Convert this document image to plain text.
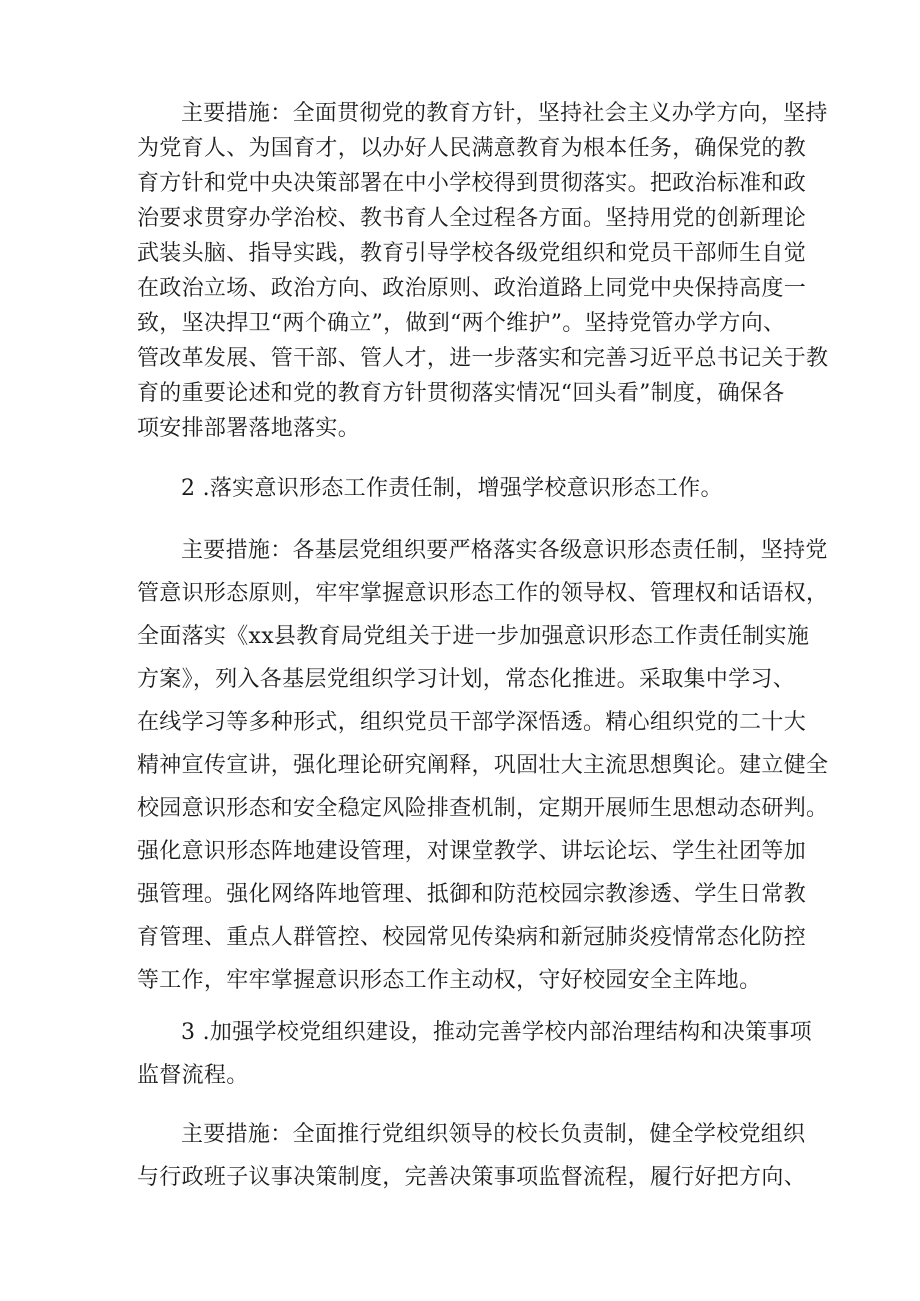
主要措施：全面贯彻党的教育方针，坚持社会主义办学方向，坚持
为党育人、为国育才，以办好人民满意教育为根本任务，确保党的教
育方针和党中央决策部署在中小学校得到贯彻落实。把政治标准和政
治要求贯穿办学治校、教书育人全过程各方面。坚持用党的创新理论
武装头脑、指导实践，教育引导学校各级党组织和党员干部师生自觉
在政治立场、政治方向、政治原则、政治道路上同党中央保持高度一
致，坚决捍卫“两个确立”，做到“两个维护”。坚持党管办学方向、
管改革发展、管干部、管人才，进一步落实和完善习近平总书记关于教
育的重要论述和党的教育方针贯彻落实情况“回头看”制度，确保各
项安排部署落地落实。
2 .落实意识形态工作责任制，增强学校意识形态工作。
主要措施：各基层党组织要严格落实各级意识形态责任制，坚持党
管意识形态原则，牢牢掌握意识形态工作的领导权、管理权和话语权，
全面落实《xx县教育局党组关于进一步加强意识形态工作责任制实施
方案》，列入各基层党组织学习计划，常态化推进。采取集中学习、
在线学习等多种形式，组织党员干部学深悟透。精心组织党的二十大
精神宣传宣讲，强化理论研究阐释，巩固壮大主流思想舆论。建立健全
校园意识形态和安全稳定风险排查机制，定期开展师生思想动态研判。
强化意识形态阵地建设管理，对课堂教学、讲坛论坛、学生社团等加
强管理。强化网络阵地管理、抵御和防范校园宗教渗透、学生日常教
育管理、重点人群管控、校园常见传染病和新冠肺炎疫情常态化防控
等工作，牢牢掌握意识形态工作主动权，守好校园安全主阵地。
3 .加强学校党组织建设，推动完善学校内部治理结构和决策事项
监督流程。
主要措施：全面推行党组织领导的校长负责制，健全学校党组织
与行政班子议事决策制度，完善决策事项监督流程，履行好把方向、
